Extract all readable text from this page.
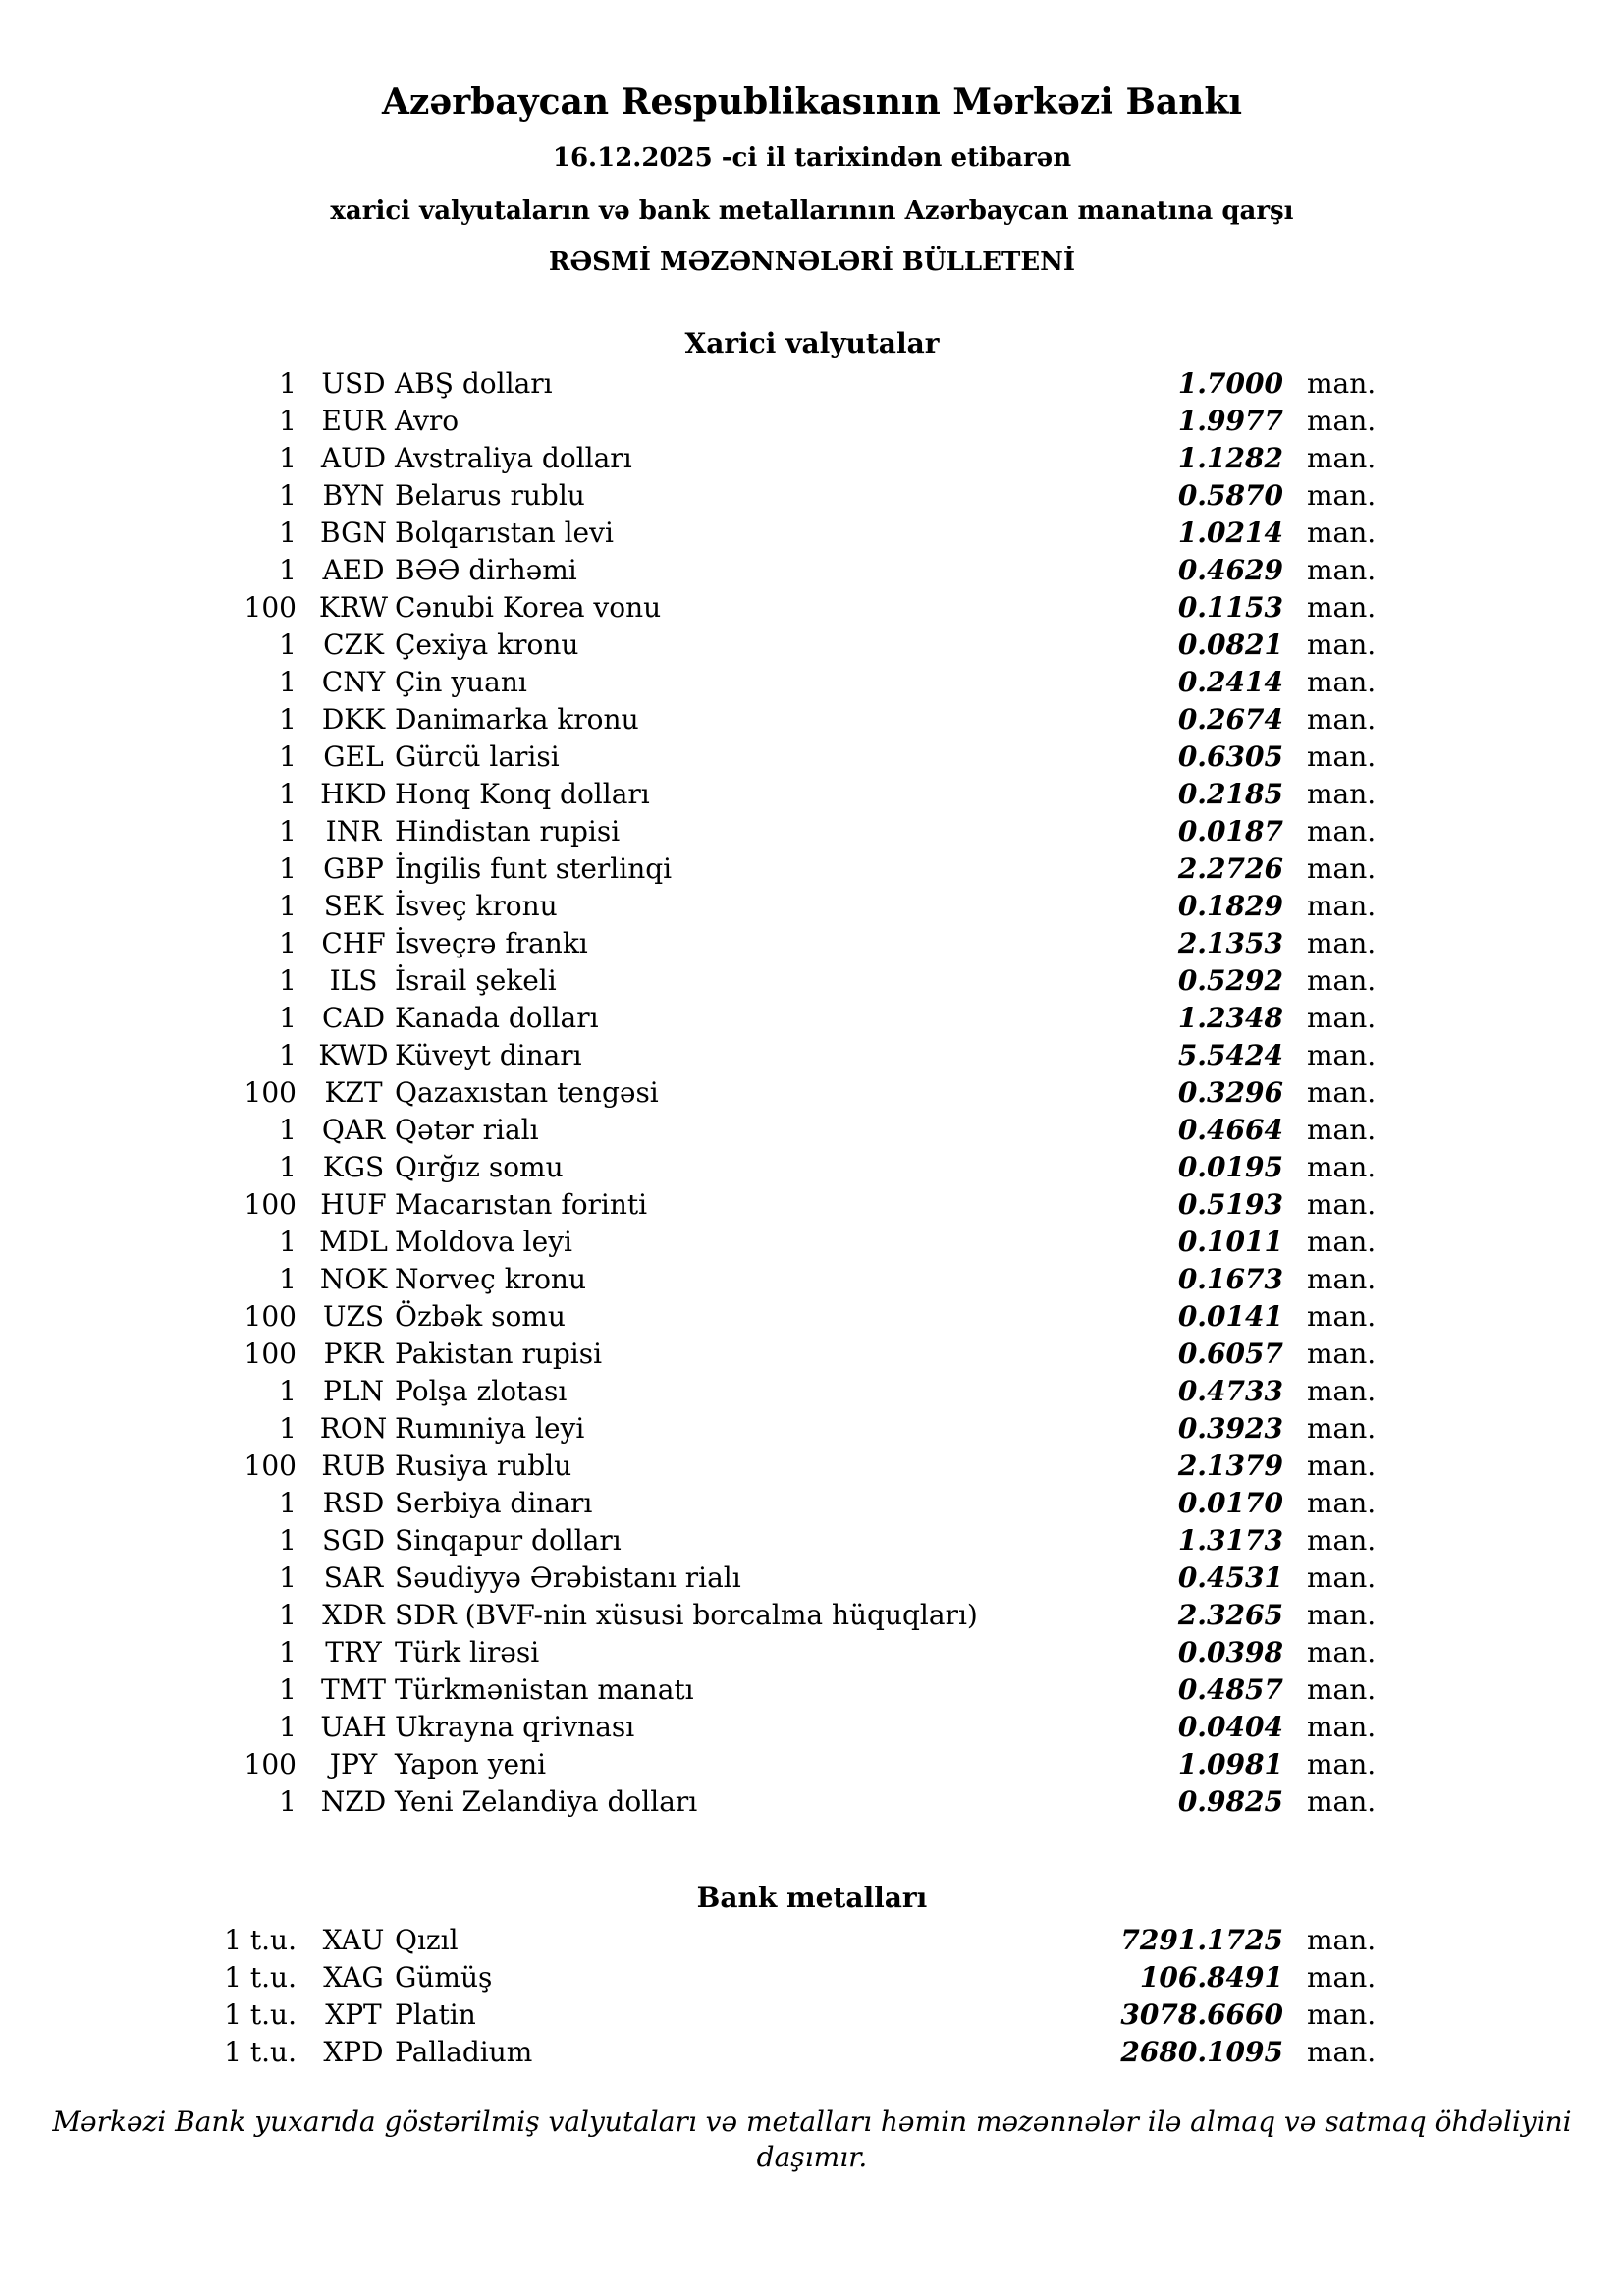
Azərbaycan Respublikasının Mərkəzi Bankı

16.12.2025 -ci il tarixindən etibarən

xarici valyutaların və bank metallarının Azərbaycan manatına qarşı

RƏSMİ MƏZƏNNƏLƏRİ BÜLLETENİ

Xarici valyutalar
1 USD ABŞ dolları	1.7000 man.
1 EUR Avro	1.9977 man.
1 AUD Avstraliya dolları	1.1282 man.
1 BYN Belarus rublu	0.5870 man.
1 BGN Bolqarıstan levi	1.0214 man.
1 AED BƏƏ dirhəmi	0.4629 man.
100 KRW Cənubi Korea vonu	0.1153 man.
1 CZK Çexiya kronu	0.0821 man.
1 CNY Çin yuanı	0.2414 man.
1 DKK Danimarka kronu	0.2674 man.
1 GEL Gürcü larisi	0.6305 man.
1 HKD Honq Konq dolları	0.2185 man.
1	INR Hindistan rupisi	0.0187 man.
1 GBP İngilis funt sterlinqi	2.2726 man.
1 SEK İsveç kronu	0.1829 man.
1 CHF İsveçrə frankı	2.1353 man.
1	ILS İsrail şekeli	0.5292 man.
1 CAD Kanada dolları	1.2348 man.
1 KWD Küveyt dinarı	5.5424 man.
100	KZT Qazaxıstan tengəsi	0.3296 man.
1 QAR Qətər rialı	0.4664 man.
1 KGS Qırğız somu	0.0195 man.
100 HUF Macarıstan forinti	0.5193 man.
1 MDL Moldova leyi	0.1011 man.
1 NOK Norveç kronu	0.1673 man.
100 UZS Özbək somu	0.0141 man.
100 PKR Pakistan rupisi	0.6057 man.
1 PLN Polşa zlotası	0.4733 man.
1 RON Rumıniya leyi	0.3923 man.
100 RUB Rusiya rublu	2.1379 man.
1 RSD Serbiya dinarı	0.0170 man.
1 SGD Sinqapur dolları	1.3173 man.
1 SAR Səudiyyə Ərəbistanı rialı	0.4531 man.
1 XDR SDR (BVF-nin xüsusi borcalma hüquqları)	2.3265 man.
1	TRY Türk lirəsi	0.0398 man.
1 TMT Türkmənistan manatı	0.4857 man.
1 UAH Ukrayna qrivnası	0.0404 man.
100	JPY Yapon yeni	1.0981 man.
1 NZD Yeni Zelandiya dolları	0.9825 man.
Bank metalları
1 t.u. XAU Qızıl	7291.1725 man.
1 t.u. XAG Gümüş	106.8491 man.
1 t.u.	XPT Platin	3078.6660 man.
1 t.u. XPD Palladium	2680.1095 man.

Mərkəzi Bank yuxarıda göstərilmiş valyutaları və metalları həmin məzənnələr ilə almaq və satmaq öhdəliyini daşımır.
